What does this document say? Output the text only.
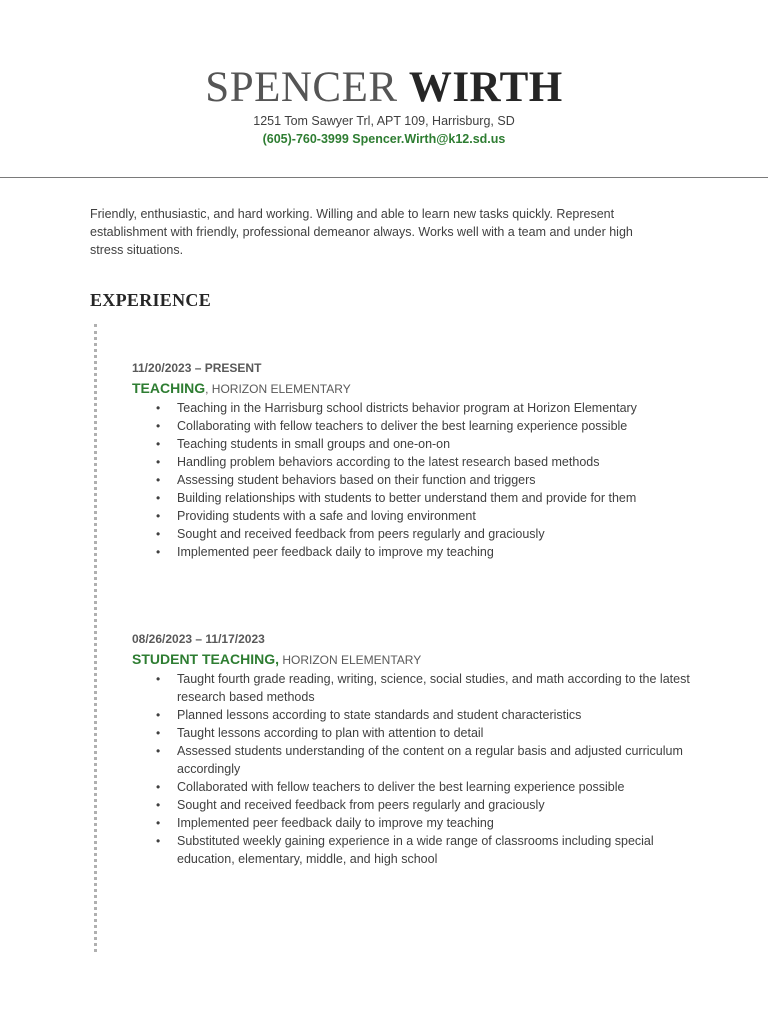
SPENCER WIRTH
1251 Tom Sawyer Trl, APT 109, Harrisburg, SD
(605)-760-3999 Spencer.Wirth@k12.sd.us
Friendly, enthusiastic, and hard working. Willing and able to learn new tasks quickly. Represent establishment with friendly, professional demeanor always. Works well with a team and under high stress situations.
EXPERIENCE
11/20/2023 – PRESENT
TEACHING, HORIZON ELEMENTARY
• Teaching in the Harrisburg school districts behavior program at Horizon Elementary
• Collaborating with fellow teachers to deliver the best learning experience possible
• Teaching students in small groups and one-on-on
• Handling problem behaviors according to the latest research based methods
• Assessing student behaviors based on their function and triggers
• Building relationships with students to better understand them and provide for them
• Providing students with a safe and loving environment
• Sought and received feedback from peers regularly and graciously
• Implemented peer feedback daily to improve my teaching
08/26/2023 – 11/17/2023
STUDENT TEACHING, HORIZON ELEMENTARY
• Taught fourth grade reading, writing, science, social studies, and math according to the latest research based methods
• Planned lessons according to state standards and student characteristics
• Taught lessons according to plan with attention to detail
• Assessed students understanding of the content on a regular basis and adjusted curriculum accordingly
• Collaborated with fellow teachers to deliver the best learning experience possible
• Sought and received feedback from peers regularly and graciously
• Implemented peer feedback daily to improve my teaching
• Substituted weekly gaining experience in a wide range of classrooms including special education, elementary, middle, and high school
